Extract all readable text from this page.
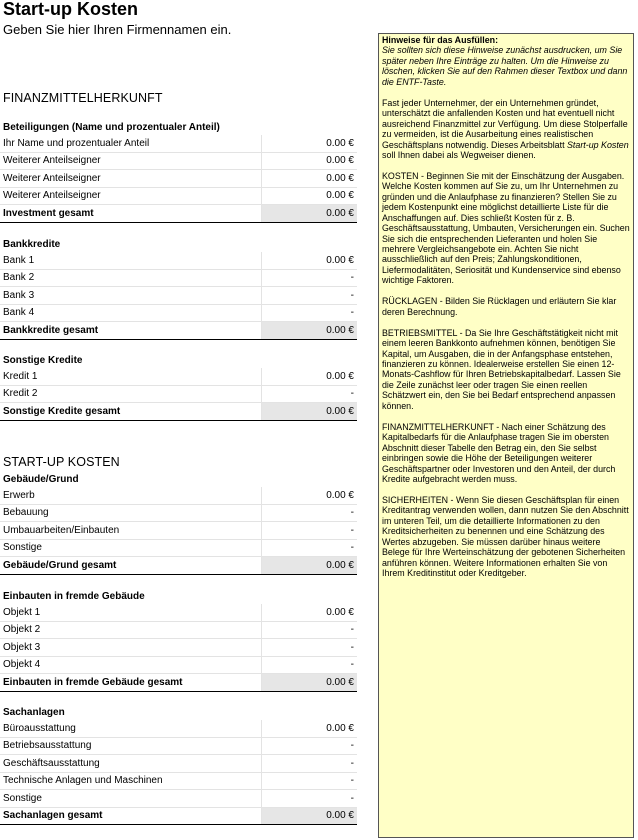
Start-up Kosten
Geben Sie hier Ihren Firmennamen ein.
FINANZMITTELHERKUNFT
Beteiligungen (Name und prozentualer Anteil)
Ihr Name und prozentualer Anteil	0.00 €
Weiterer Anteilseigner	0.00 €
Weiterer Anteilseigner	0.00 €
Weiterer Anteilseigner	0.00 €
Investment gesamt	0.00 €
Bankkredite
Bank 1	0.00 €
Bank 2	-
Bank 3	-
Bank 4	-
Bankkredite gesamt	0.00 €
Sonstige Kredite
Kredit 1	0.00 €
Kredit 2	-
Sonstige Kredite gesamt	0.00 €
START-UP KOSTEN
Gebäude/Grund
Erwerb	0.00 €
Bebauung	-
Umbauarbeiten/Einbauten	-
Sonstige	-
Gebäude/Grund gesamt	0.00 €
Einbauten in fremde Gebäude
Objekt 1	0.00 €
Objekt 2	-
Objekt 3	-
Objekt 4	-
Einbauten in fremde Gebäude gesamt	0.00 €
Sachanlagen
Büroausstattung	0.00 €
Betriebsausstattung	-
Geschäftsausstattung	-
Technische Anlagen und Maschinen	-
Sonstige	-
Sachanlagen gesamt	0.00 €

Hinweise für das Ausfüllen:

Sie sollten sich diese Hinweise zunächst ausdrucken, um Sie später neben Ihre Einträge zu halten. Um die Hinweise zu löschen, klicken Sie auf den Rahmen dieser Textbox und dann die ENTF-Taste.

Fast jeder Unternehmer, der ein Unternehmen gründet, unterschätzt die anfallenden Kosten und hat eventuell nicht ausreichend Finanzmittel zur Verfügung. Um diese Stolperfalle zu vermeiden, ist die Ausarbeitung eines realistischen Geschäftsplans notwendig. Dieses Arbeitsblatt Start-up Kosten soll Ihnen dabei als Wegweiser dienen.

KOSTEN - Beginnen Sie mit der Einschätzung der Ausgaben. Welche Kosten kommen auf Sie zu, um Ihr Unternehmen zu gründen und die Anlaufphase zu finanzieren? Stellen Sie zu jedem Kostenpunkt eine möglichst detaillierte Liste für die Anschaffungen auf. Dies schließt Kosten für z. B. Geschäftsausstattung, Umbauten, Versicherungen ein. Suchen Sie sich die entsprechenden Lieferanten und holen Sie mehrere Vergleichsangebote ein. Achten Sie nicht ausschließlich auf den Preis; Zahlungskonditionen, Liefermodalitäten, Seriosität und Kundenservice sind ebenso wichtige Faktoren.

RÜCKLAGEN - Bilden Sie Rücklagen und erläutern Sie klar deren Berechnung.

BETRIEBSMITTEL - Da Sie Ihre Geschäftstätigkeit nicht mit einem leeren Bankkonto aufnehmen können, benötigen Sie Kapital, um Ausgaben, die in der Anfangsphase entstehen, finanzieren zu können. Idealerweise erstellen Sie einen 12-Monats-Cashflow für Ihren Betriebskapitalbedarf. Lassen Sie die Zeile zunächst leer oder tragen Sie einen reellen Schätzwert ein, den Sie bei Bedarf entsprechend anpassen können.

FINANZMITTELHERKUNFT - Nach einer Schätzung des Kapitalbedarfs für die Anlaufphase tragen Sie im obersten Abschnitt dieser Tabelle den Betrag ein, den Sie selbst einbringen sowie die Höhe der Beteiligungen weiterer Geschäftspartner oder Investoren und den Anteil, der durch Kredite aufgebracht werden muss.

SICHERHEITEN - Wenn Sie diesen Geschäftsplan für einen Kreditantrag verwenden wollen, dann nutzen Sie den Abschnitt im unteren Teil, um die detaillierte Informationen zu den Kreditsicherheiten zu benennen und eine Schätzung des Wertes abzugeben. Sie müssen darüber hinaus weitere Belege für Ihre Werteinschätzung der gebotenen Sicherheiten anführen können. Weitere Informationen erhalten Sie von Ihrem Kreditinstitut oder Kreditgeber.
